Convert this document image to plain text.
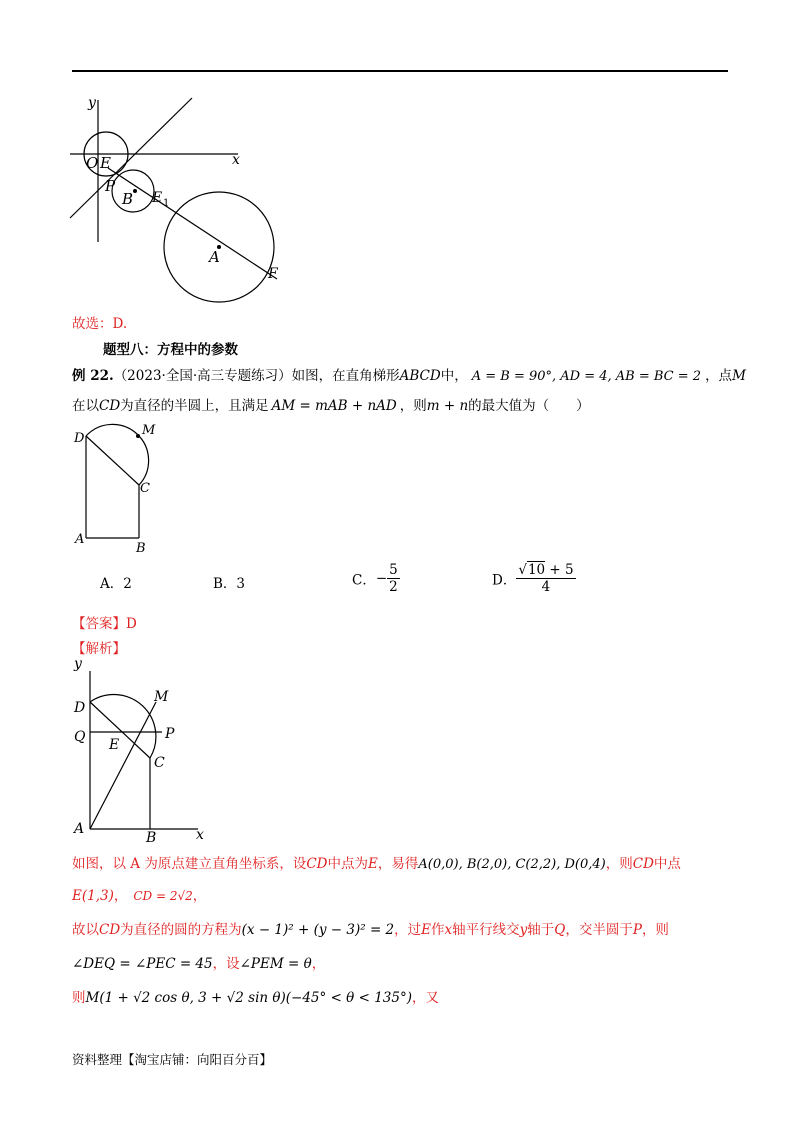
y
x
O E
P
B E 1
A
F
故选：D.
题型八：方程中的参数
例 22.（2023·全国·高三专题练习）如图，在直角梯形ABCD中， A = B = 90°, AD = 4, AB = BC = 2 ，点M
在以CD为直径的半圆上，且满足 AM = mAB + nAD ，则m + n的最大值为（　　）
D
M
C
A
B
A．2	B．3	C．− $\frac{5}{2}$	D． $\frac{√10 + 5}{4}$
【答案】D
【解析】
y
x
M
D
Q E
P
C
A
B
如图，以 A 为原点建立直角坐标系，设CD中点为E，易得A(0,0), B(2,0), C(2,2), D(0,4)，则CD中点
E(1,3)， CD = 2√2，
故以CD为直径的圆的方程为(x − 1)² + (y − 3)² = 2，过E作x轴平行线交y轴于Q，交半圆于P，则
∠DEQ = ∠PEC = 45，设∠PEM = θ，
则M(1 + √2 cos θ, 3 + √2 sin θ)(−45° < θ < 135°)，又
资料整理【淘宝店铺：向阳百分百】
